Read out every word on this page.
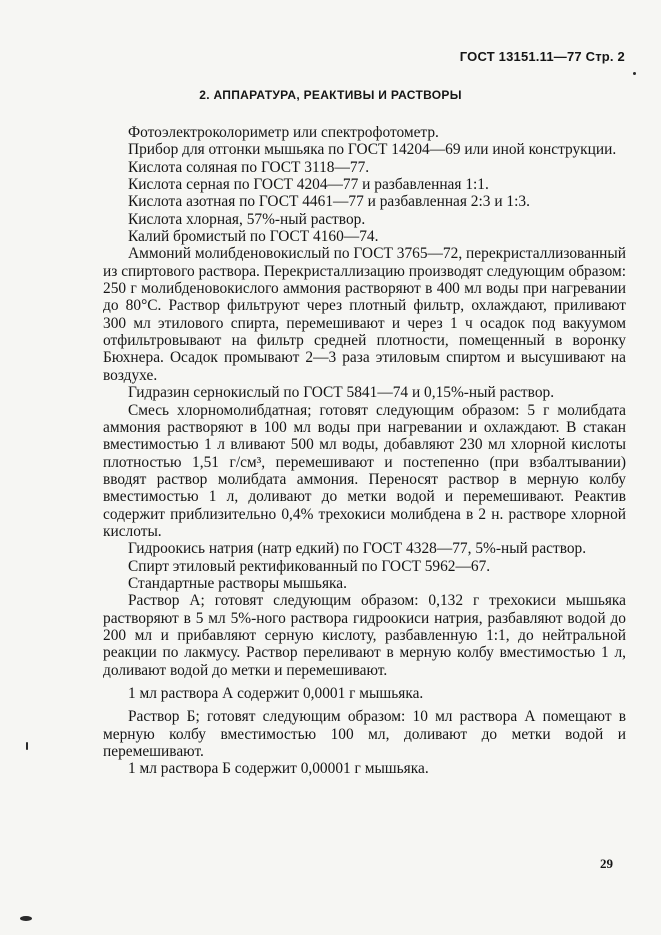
ГОСТ 13151.11—77 Стр. 2
2. АППАРАТУРА, РЕАКТИВЫ И РАСТВОРЫ

Фотоэлектроколориметр или спектрофотометр.

Прибор для отгонки мышьяка по ГОСТ 14204—69 или иной конструкции.

Кислота соляная по ГОСТ 3118—77.

Кислота серная по ГОСТ 4204—77 и разбавленная 1:1.

Кислота азотная по ГОСТ 4461—77 и разбавленная 2:3 и 1:3.

Кислота хлорная, 57%-ный раствор.

Калий бромистый по ГОСТ 4160—74.

Аммоний молибденовокислый по ГОСТ 3765—72, перекристаллизованный из спиртового раствора. Перекристаллизацию производят следующим образом: 250 г молибденовокислого аммония растворяют в 400 мл воды при нагревании до 80°С. Раствор фильтруют через плотный фильтр, охлаждают, приливают 300 мл этилового спирта, перемешивают и через 1 ч осадок под вакуумом отфильтровывают на фильтр средней плотности, помещенный в воронку Бюхнера. Осадок промывают 2—3 раза этиловым спиртом и высушивают на воздухе.

Гидразин сернокислый по ГОСТ 5841—74 и 0,15%-ный раствор.

Смесь хлорномолибдатная; готовят следующим образом: 5 г молибдата аммония растворяют в 100 мл воды при нагревании и охлаждают. В стакан вместимостью 1 л вливают 500 мл воды, добавляют 230 мл хлорной кислоты плотностью 1,51 г/см³, перемешивают и постепенно (при взбалтывании) вводят раствор молибдата аммония. Переносят раствор в мерную колбу вместимостью 1 л, доливают до метки водой и перемешивают. Реактив содержит приблизительно 0,4% трехокиси молибдена в 2 н. растворе хлорной кислоты.

Гидроокись натрия (натр едкий) по ГОСТ 4328—77, 5%-ный раствор.

Спирт этиловый ректификованный по ГОСТ 5962—67.

Стандартные растворы мышьяка.

Раствор А; готовят следующим образом: 0,132 г трехокиси мышьяка растворяют в 5 мл 5%-ного раствора гидроокиси натрия, разбавляют водой до 200 мл и прибавляют серную кислоту, разбавленную 1:1, до нейтральной реакции по лакмусу. Раствор переливают в мерную колбу вместимостью 1 л, доливают водой до метки и перемешивают.

1 мл раствора А содержит 0,0001 г мышьяка.

Раствор Б; готовят следующим образом: 10 мл раствора А помещают в мерную колбу вместимостью 100 мл, доливают до метки водой и перемешивают.

1 мл раствора Б содержит 0,00001 г мышьяка.

29
